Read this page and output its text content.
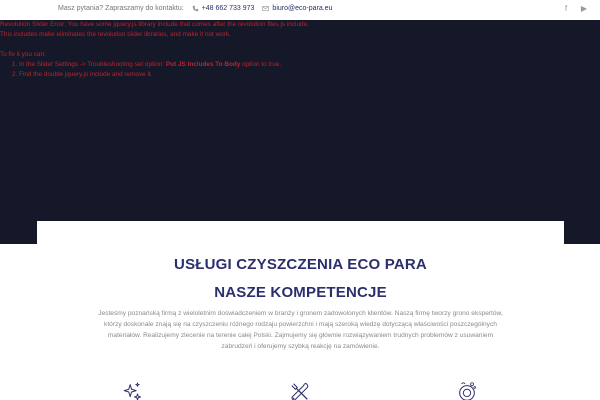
Masz pytania? Zapraszamy do kontaktu:	+48 662 733 973	biuro@eco-para.eu	f	▶

Revolution Slider Error: You have some jquery.js library include that comes after the revolution files js include.

This includes make eliminates the revolution slider libraries, and make it not work.

To fix it you can:

1. In the Slider Settings -> Troubleshooting set option: Put JS Includes To Body option to true.
2. Find the double jquery.js include and remove it.
USŁUGI CZYSZCZENIA ECO PARA
NASZE KOMPETENCJE

Jesteśmy poznańską firmą z wieloletnim doświadczeniem w branży i gronem zadowolonych klientów. Naszą firmę tworzy grono ekspertów, którzy doskonale znają się na czyszczeniu różnego rodzaju powierzchni i mają szeroką wiedzę dotyczącą właściwości poszczególnych materiałów. Realizujemy zlecenie na terenie całej Polski. Zajmujemy się głównie rozwiązywaniem trudnych problemów z usuwaniem zabrudzeń i oferujemy szybką reakcję na zamówienie.
